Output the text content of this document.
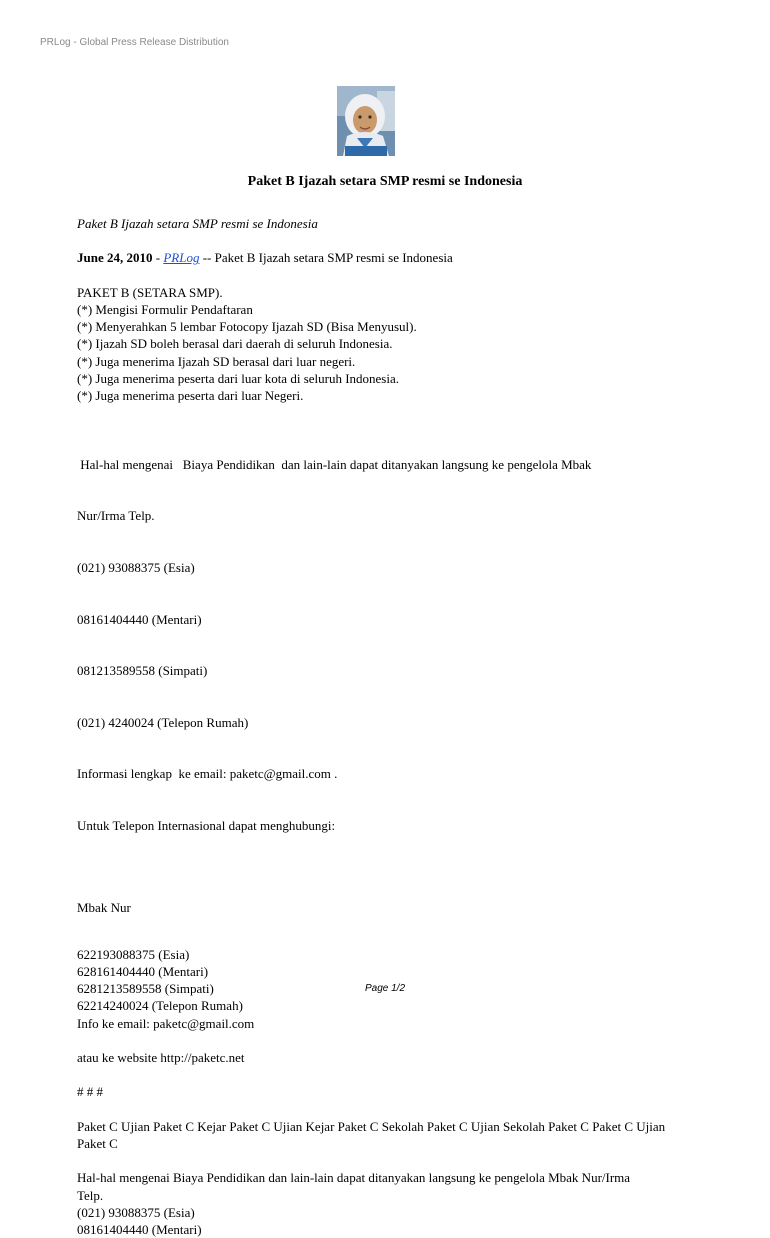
PRLog - Global Press Release Distribution
Paket B Ijazah setara SMP resmi se Indonesia

Paket B Ijazah setara SMP resmi se Indonesia

June 24, 2010 - PRLog -- Paket B Ijazah setara SMP resmi se Indonesia

PAKET B (SETARA SMP).

(*) Mengisi Formulir Pendaftaran

(*) Menyerahkan 5 lembar Fotocopy Ijazah SD (Bisa Menyusul).

(*) Ijazah SD boleh berasal dari daerah di seluruh Indonesia.

(*) Juga menerima Ijazah SD berasal dari luar negeri.

(*) Juga menerima peserta dari luar kota di seluruh Indonesia.

(*) Juga menerima peserta dari luar Negeri.

Hal-hal mengenai   Biaya Pendidikan  dan lain-lain dapat ditanyakan langsung ke pengelola Mbak

Nur/Irma Telp.

(021) 93088375 (Esia)

08161404440 (Mentari)

081213589558 (Simpati)

(021) 4240024 (Telepon Rumah)

Informasi lengkap  ke email: paketc@gmail.com .

Untuk Telepon Internasional dapat menghubungi:

Mbak Nur

622193088375 (Esia)

628161404440 (Mentari)

6281213589558 (Simpati)

62214240024 (Telepon Rumah)

Info ke email: paketc@gmail.com

atau ke website http://paketc.net

# # #

Paket C Ujian Paket C Kejar Paket C Ujian Kejar Paket C Sekolah Paket C Ujian Sekolah Paket C Paket C Ujian Paket C

Hal-hal mengenai Biaya Pendidikan dan lain-lain dapat ditanyakan langsung ke pengelola Mbak Nur/Irma

Telp.

(021) 93088375 (Esia)

08161404440 (Mentari)

Page 1/2
